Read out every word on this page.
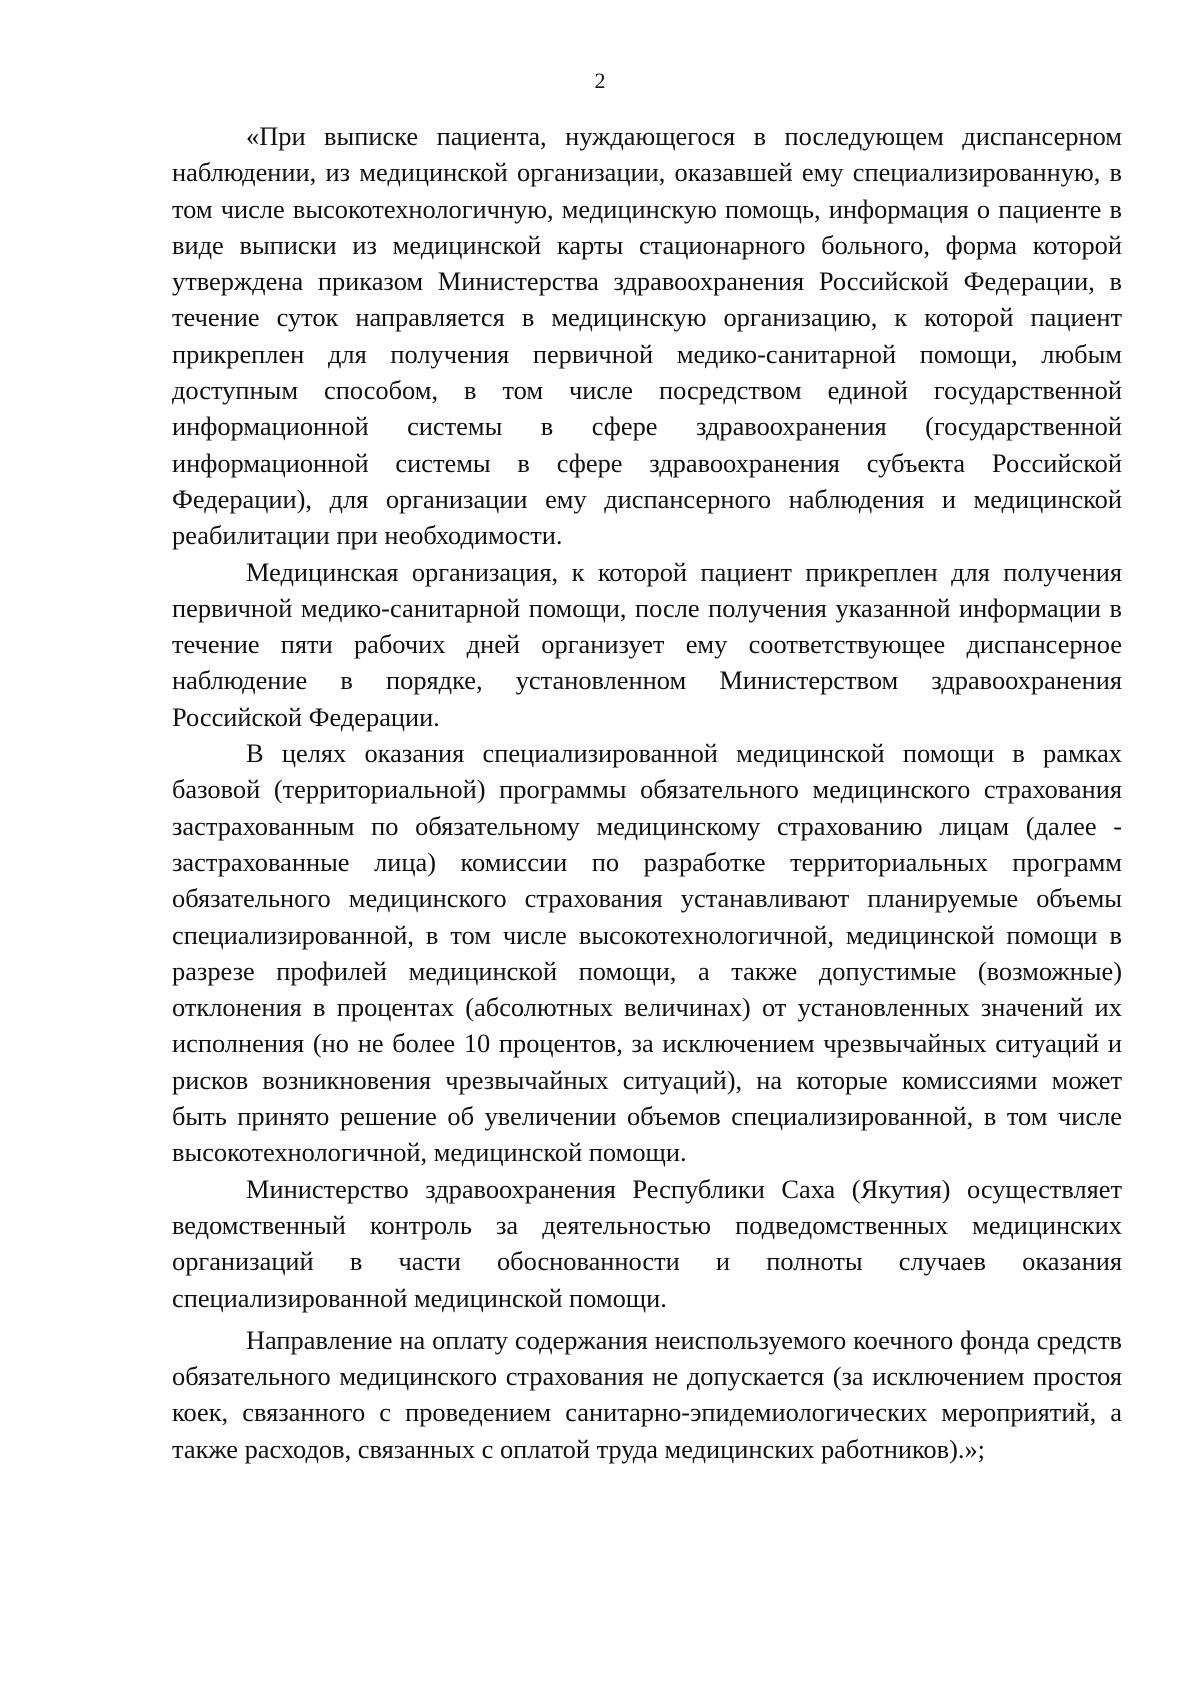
2

«При выписке пациента, нуждающегося в последующем диспансерном наблюдении, из медицинской организации, оказавшей ему специализированную, в том числе высокотехнологичную, медицинскую помощь, информация о пациенте в виде выписки из медицинской карты стационарного больного, форма которой утверждена приказом Министерства здравоохранения Российской Федерации, в течение суток направляется в медицинскую организацию, к которой пациент прикреплен для получения первичной медико-санитарной помощи, любым доступным способом, в том числе посредством единой государственной информационной системы в сфере здравоохранения (государственной информационной системы в сфере здравоохранения субъекта Российской Федерации), для организации ему диспансерного наблюдения и медицинской реабилитации при необходимости.

Медицинская организация, к которой пациент прикреплен для получения первичной медико-санитарной помощи, после получения указанной информации в течение пяти рабочих дней организует ему соответствующее диспансерное наблюдение в порядке, установленном Министерством здравоохранения Российской Федерации.

В целях оказания специализированной медицинской помощи в рамках базовой (территориальной) программы обязательного медицинского страхования застрахованным по обязательному медицинскому страхованию лицам (далее - застрахованные лица) комиссии по разработке территориальных программ обязательного медицинского страхования устанавливают планируемые объемы специализированной, в том числе высокотехнологичной, медицинской помощи в разрезе профилей медицинской помощи, а также допустимые (возможные) отклонения в процентах (абсолютных величинах) от установленных значений их исполнения (но не более 10 процентов, за исключением чрезвычайных ситуаций и рисков возникновения чрезвычайных ситуаций), на которые комиссиями может быть принято решение об увеличении объемов специализированной, в том числе высокотехнологичной, медицинской помощи.

Министерство здравоохранения Республики Саха (Якутия) осуществляет ведомственный контроль за деятельностью подведомственных медицинских организаций в части обоснованности и полноты случаев оказания специализированной медицинской помощи.

Направление на оплату содержания неиспользуемого коечного фонда средств обязательного медицинского страхования не допускается (за исключением простоя коек, связанного с проведением санитарно-эпидемиологических мероприятий, а также расходов, связанных с оплатой труда медицинских работников).»;
